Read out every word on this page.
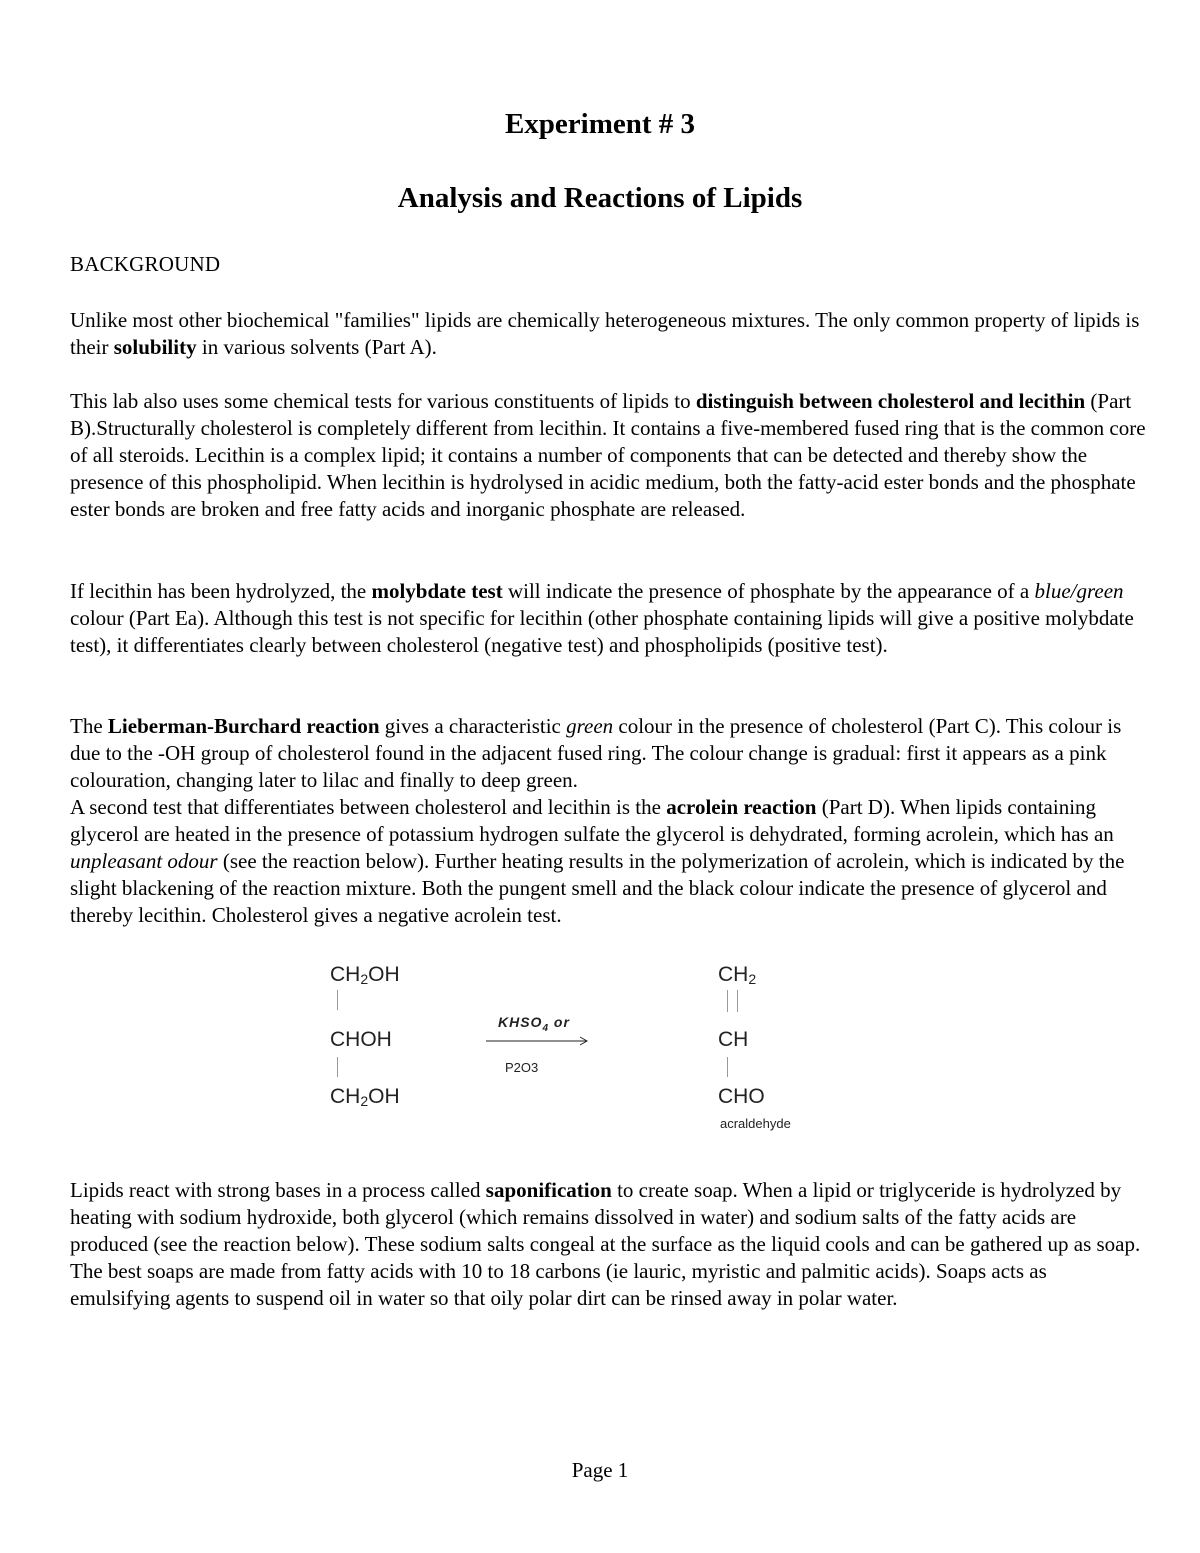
Experiment # 3
Analysis and Reactions of Lipids
BACKGROUND
Unlike most other biochemical "families" lipids are chemically heterogeneous mixtures. The only common property of lipids is their solubility in various solvents (Part A).
This lab also uses some chemical tests for various constituents of lipids to distinguish between cholesterol and lecithin (Part B).Structurally cholesterol is completely different from lecithin. It contains a five-membered fused ring that is the common core of all steroids. Lecithin is a complex lipid; it contains a number of components that can be detected and thereby show the presence of this phospholipid. When lecithin is hydrolysed in acidic medium, both the fatty-acid ester bonds and the phosphate ester bonds are broken and free fatty acids and inorganic phosphate are released.
If lecithin has been hydrolyzed, the molybdate test will indicate the presence of phosphate by the appearance of a blue/green colour (Part Ea). Although this test is not specific for lecithin (other phosphate containing lipids will give a positive molybdate test), it differentiates clearly between cholesterol (negative test) and phospholipids (positive test).
The Lieberman-Burchard reaction gives a characteristic green colour in the presence of cholesterol (Part C). This colour is due to the -OH group of cholesterol found in the adjacent fused ring. The colour change is gradual: first it appears as a pink colouration, changing later to lilac and finally to deep green.
A second test that differentiates between cholesterol and lecithin is the acrolein reaction (Part D). When lipids containing glycerol are heated in the presence of potassium hydrogen sulfate the glycerol is dehydrated, forming acrolein, which has an unpleasant odour (see the reaction below). Further heating results in the polymerization of acrolein, which is indicated by the slight blackening of the reaction mixture. Both the pungent smell and the black colour indicate the presence of glycerol and thereby lecithin. Cholesterol gives a negative acrolein test.
$CH_2OH$
CHOH
$CH_2OH$
$KHSO_4$ or
P2O3
$CH_2$
CH
CHO
acraldehyde
Lipids react with strong bases in a process called saponification to create soap. When a lipid or triglyceride is hydrolyzed by heating with sodium hydroxide, both glycerol (which remains dissolved in water) and sodium salts of the fatty acids are produced (see the reaction below). These sodium salts congeal at the surface as the liquid cools and can be gathered up as soap. The best soaps are made from fatty acids with 10 to 18 carbons (ie lauric, myristic and palmitic acids). Soaps acts as emulsifying agents to suspend oil in water so that oily polar dirt can be rinsed away in polar water.
Page 1
